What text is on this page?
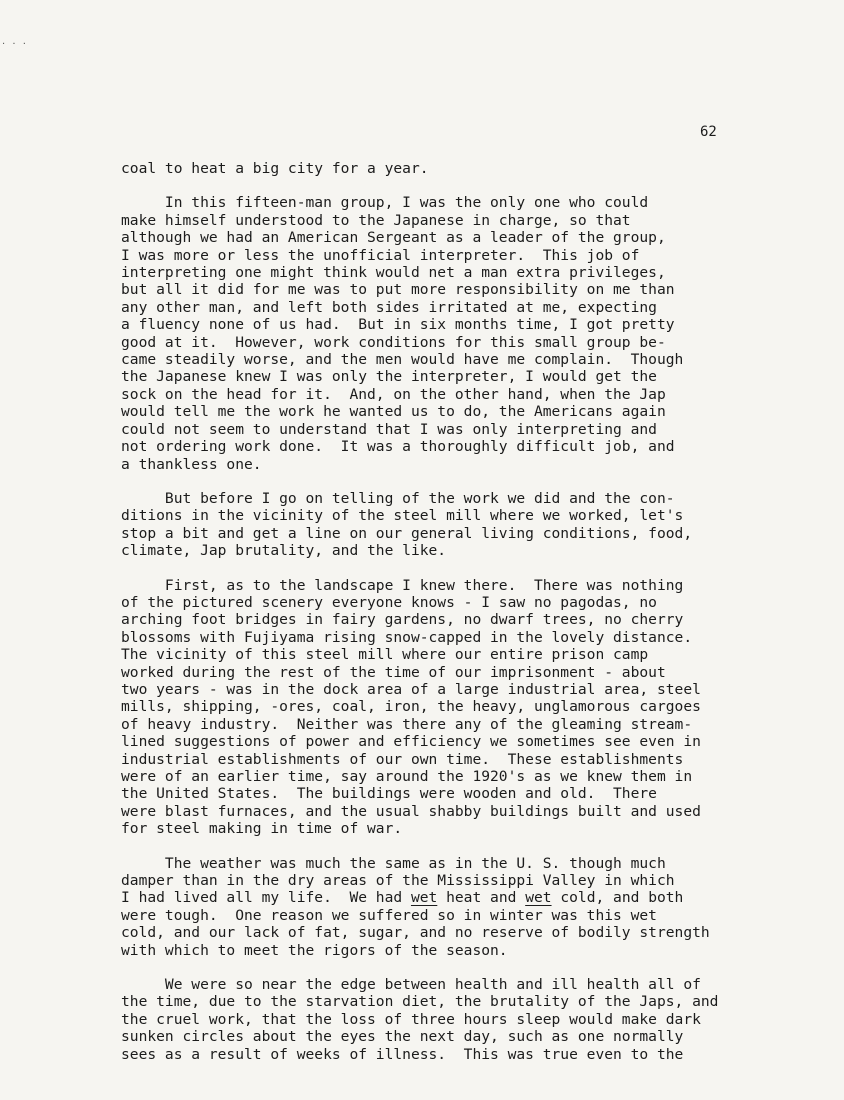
· · ·
62

coal to heat a big city for a year.

In this fifteen-man group, I was the only one who could
make himself understood to the Japanese in charge, so that
although we had an American Sergeant as a leader of the group,
I was more or less the unofficial interpreter.  This job of
interpreting one might think would net a man extra privileges,
but all it did for me was to put more responsibility on me than
any other man, and left both sides irritated at me, expecting
a fluency none of us had.  But in six months time, I got pretty
good at it.  However, work conditions for this small group be-
came steadily worse, and the men would have me complain.  Though
the Japanese knew I was only the interpreter, I would get the
sock on the head for it.  And, on the other hand, when the Jap
would tell me the work he wanted us to do, the Americans again
could not seem to understand that I was only interpreting and
not ordering work done.  It was a thoroughly difficult job, and
a thankless one.

But before I go on telling of the work we did and the con-
ditions in the vicinity of the steel mill where we worked, let's
stop a bit and get a line on our general living conditions, food,
climate, Jap brutality, and the like.

First, as to the landscape I knew there.  There was nothing
of the pictured scenery everyone knows - I saw no pagodas, no
arching foot bridges in fairy gardens, no dwarf trees, no cherry
blossoms with Fujiyama rising snow-capped in the lovely distance.
The vicinity of this steel mill where our entire prison camp
worked during the rest of the time of our imprisonment - about
two years - was in the dock area of a large industrial area, steel
mills, shipping, -ores, coal, iron, the heavy, unglamorous cargoes
of heavy industry.  Neither was there any of the gleaming stream-
lined suggestions of power and efficiency we sometimes see even in
industrial establishments of our own time.  These establishments
were of an earlier time, say around the 1920's as we knew them in
the United States.  The buildings were wooden and old.  There
were blast furnaces, and the usual shabby buildings built and used
for steel making in time of war.

The weather was much the same as in the U. S. though much
damper than in the dry areas of the Mississippi Valley in which
I had lived all my life.  We had wet heat and wet cold, and both
were tough.  One reason we suffered so in winter was this wet
cold, and our lack of fat, sugar, and no reserve of bodily strength
with which to meet the rigors of the season.

We were so near the edge between health and ill health all of
the time, due to the starvation diet, the brutality of the Japs, and
the cruel work, that the loss of three hours sleep would make dark
sunken circles about the eyes the next day, such as one normally
sees as a result of weeks of illness.  This was true even to the
